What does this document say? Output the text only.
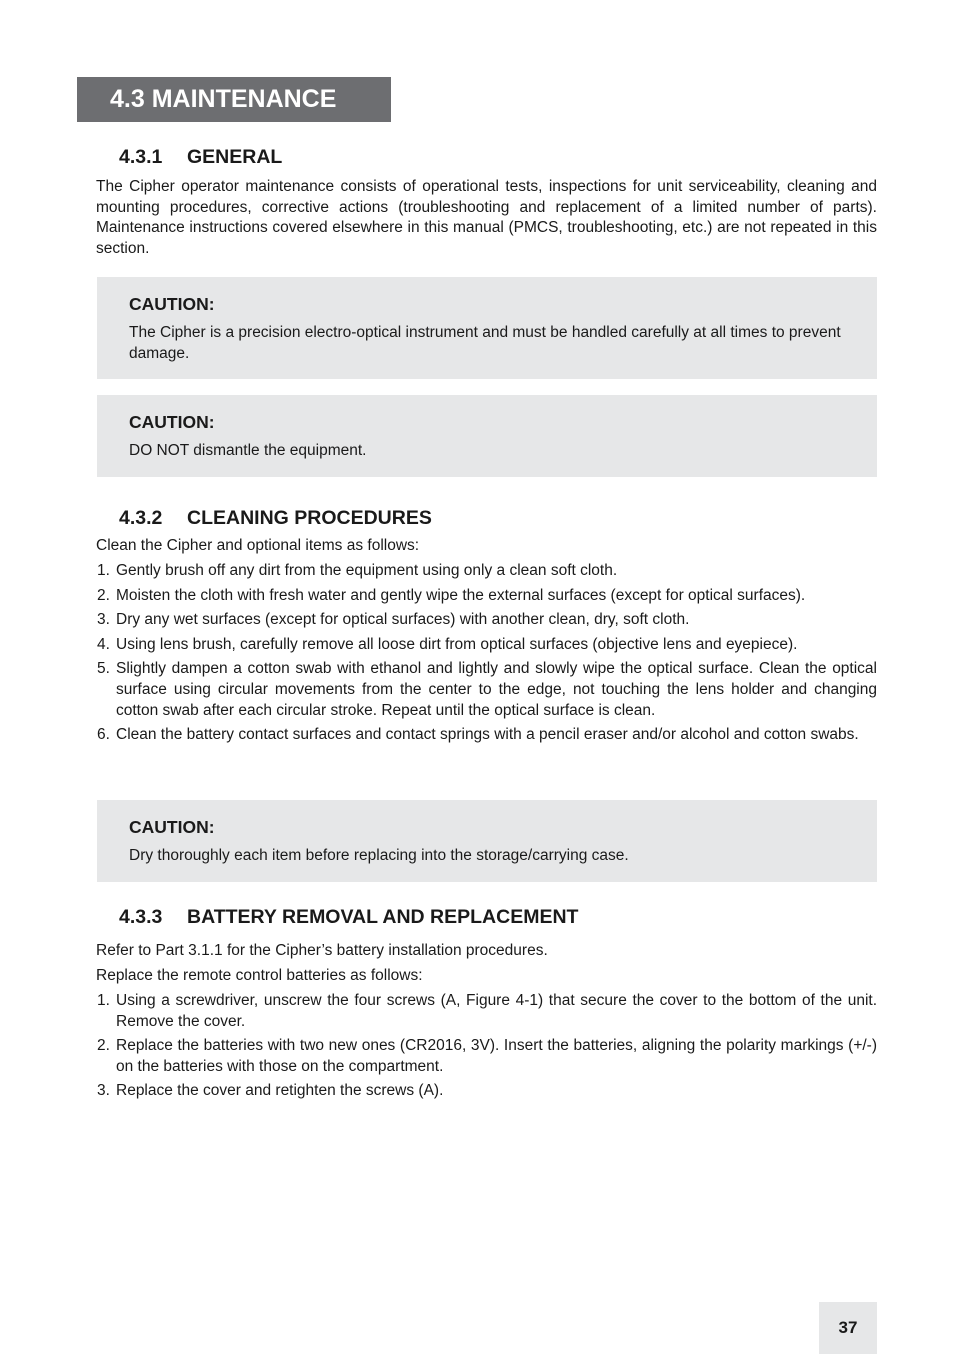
4.3 MAINTENANCE
4.3.1 GENERAL

The Cipher operator maintenance consists of operational tests, inspections for unit serviceability, cleaning and mounting procedures, corrective actions (troubleshooting and replacement of a limited number of parts). Maintenance instructions covered elsewhere in this manual (PMCS, troubleshooting, etc.) are not repeated in this section.

CAUTION:

The Cipher is a precision electro-optical instrument and must be handled carefully at all times to prevent damage.

CAUTION:

DO NOT dismantle the equipment.

4.3.2 CLEANING PROCEDURES

Clean the Cipher and optional items as follows:

1. Gently brush off any dirt from the equipment using only a clean soft cloth.
2. Moisten the cloth with fresh water and gently wipe the external surfaces (except for optical surfaces).
3. Dry any wet surfaces (except for optical surfaces) with another clean, dry, soft cloth.
4. Using lens brush, carefully remove all loose dirt from optical surfaces (objective lens and eyepiece).
5. Slightly dampen a cotton swab with ethanol and lightly and slowly wipe the optical surface. Clean the optical surface using circular movements from the center to the edge, not touching the lens holder and changing cotton swab after each circular stroke. Repeat until the optical surface is clean.
6. Clean the battery contact surfaces and contact springs with a pencil eraser and/or alcohol and cotton swabs.

CAUTION:

Dry thoroughly each item before replacing into the storage/carrying case.

4.3.3 BATTERY REMOVAL AND REPLACEMENT

Refer to Part 3.1.1 for the Cipher’s battery installation procedures.

Replace the remote control batteries as follows:

1. Using a screwdriver, unscrew the four screws (A, Figure 4-1) that secure the cover to the bottom of the unit. Remove the cover.
2. Replace the batteries with two new ones (CR2016, 3V). Insert the batteries, aligning the polarity markings (+/-) on the batteries with those on the compartment.
3. Replace the cover and retighten the screws (A).
37
